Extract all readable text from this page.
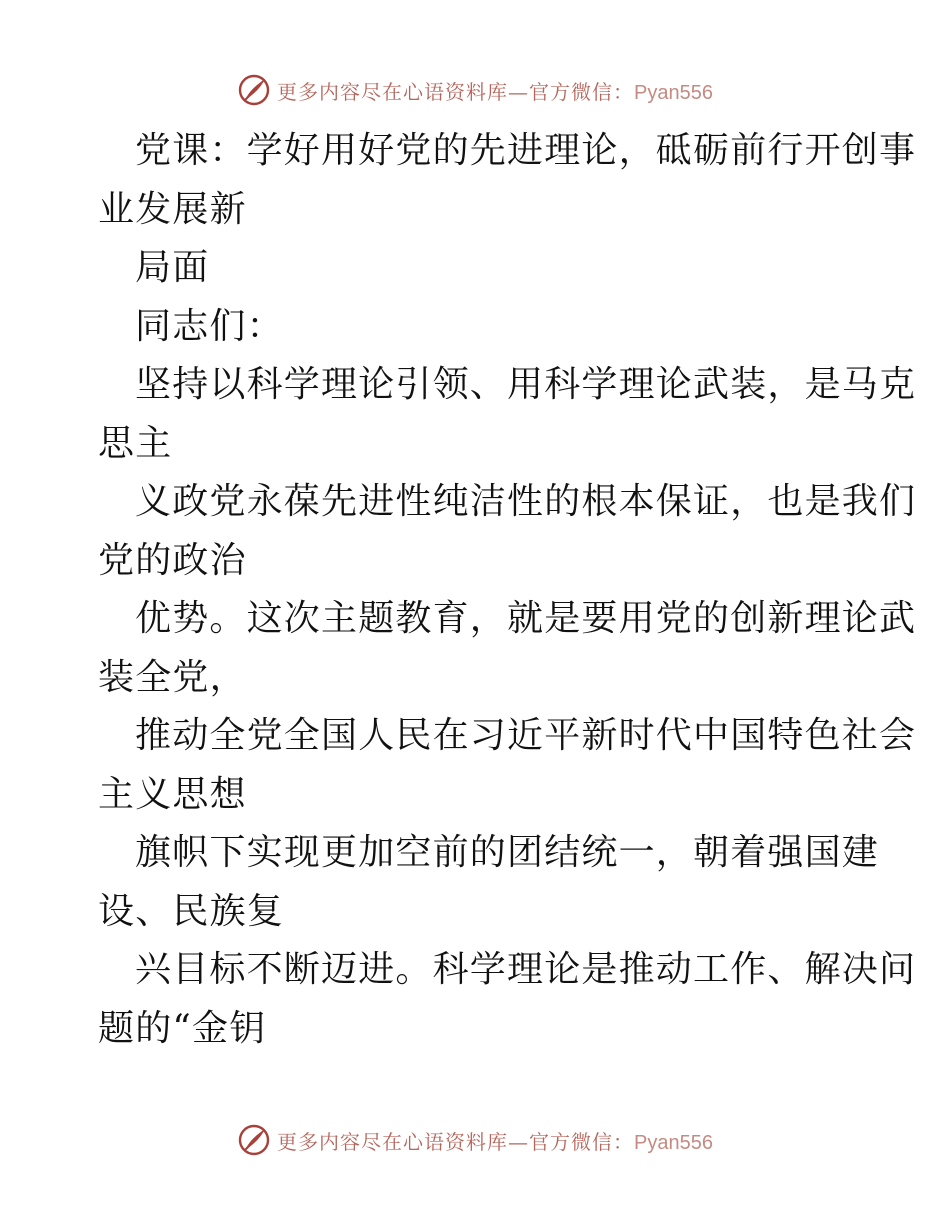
更多内容尽在心语资料库—官方微信：Pyan556
党课：学好用好党的先进理论，砥砺前行开创事
业发展新
局面
同志们：
坚持以科学理论引领、用科学理论武装，是马克
思主
义政党永葆先进性纯洁性的根本保证，也是我们
党的政治
优势。这次主题教育，就是要用党的创新理论武
装全党，
推动全党全国人民在习近平新时代中国特色社会
主义思想
旗帜下实现更加空前的团结统一，朝着强国建
设、民族复
兴目标不断迈进。科学理论是推动工作、解决问
题的“金钥
更多内容尽在心语资料库—官方微信：Pyan556
